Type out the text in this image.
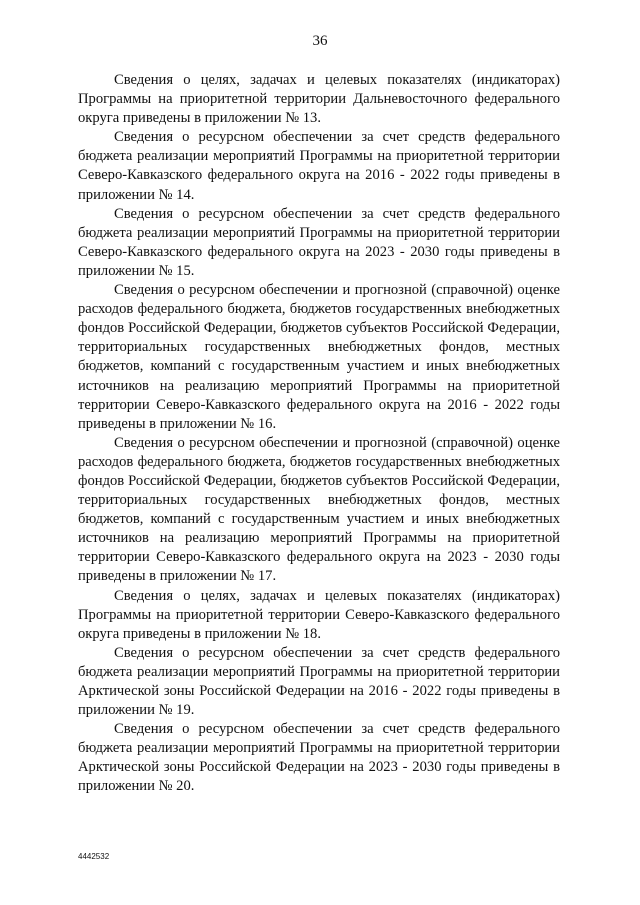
36

Сведения о целях, задачах и целевых показателях (индикаторах) Программы на приоритетной территории Дальневосточного федерального округа приведены в приложении № 13.

Сведения о ресурсном обеспечении за счет средств федерального бюджета реализации мероприятий Программы на приоритетной территории Северо-Кавказского федерального округа на 2016 - 2022 годы приведены в приложении № 14.

Сведения о ресурсном обеспечении за счет средств федерального бюджета реализации мероприятий Программы на приоритетной территории Северо-Кавказского федерального округа на 2023 - 2030 годы приведены в приложении № 15.

Сведения о ресурсном обеспечении и прогнозной (справочной) оценке расходов федерального бюджета, бюджетов государственных внебюджетных фондов Российской Федерации, бюджетов субъектов Российской Федерации, территориальных государственных внебюджетных фондов, местных бюджетов, компаний с государственным участием и иных внебюджетных источников на реализацию мероприятий Программы на приоритетной территории Северо-Кавказского федерального округа на 2016 - 2022 годы приведены в приложении № 16.

Сведения о ресурсном обеспечении и прогнозной (справочной) оценке расходов федерального бюджета, бюджетов государственных внебюджетных фондов Российской Федерации, бюджетов субъектов Российской Федерации, территориальных государственных внебюджетных фондов, местных бюджетов, компаний с государственным участием и иных внебюджетных источников на реализацию мероприятий Программы на приоритетной территории Северо-Кавказского федерального округа на 2023 - 2030 годы приведены в приложении № 17.

Сведения о целях, задачах и целевых показателях (индикаторах) Программы на приоритетной территории Северо-Кавказского федерального округа приведены в приложении № 18.

Сведения о ресурсном обеспечении за счет средств федерального бюджета реализации мероприятий Программы на приоритетной территории Арктической зоны Российской Федерации на 2016 - 2022 годы приведены в приложении № 19.

Сведения о ресурсном обеспечении за счет средств федерального бюджета реализации мероприятий Программы на приоритетной территории Арктической зоны Российской Федерации на 2023 - 2030 годы приведены в приложении № 20.

4442532
